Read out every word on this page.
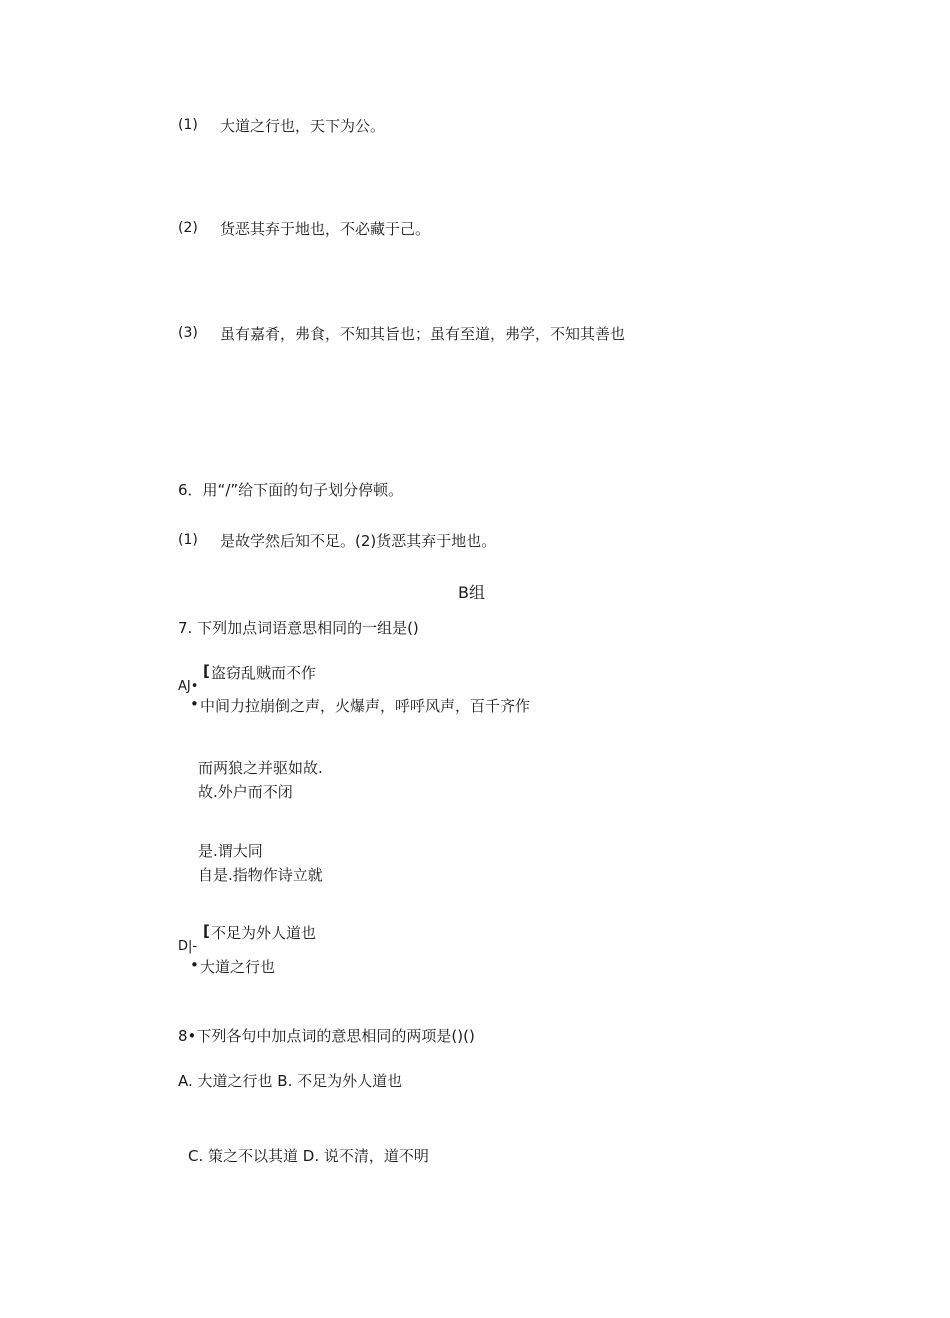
(1) 大道之行也，天下为公。
(2) 货恶其弃于地也，不必藏于己。
(3) 虽有嘉肴，弗食，不知其旨也；虽有至道，弗学，不知其善也
6．用“/”给下面的句子划分停顿。
(1) 是故学然后知不足。(2)货恶其弃于地也。
B组
7. 下列加点词语意思相同的一组是()
[ 盗窃乱贼而不作
AJ•
• 中间力拉崩倒之声，火爆声，呼呼风声，百千齐作
而两狼之并驱如故.
故.外户而不闭
是.谓大同
自是.指物作诗立就
[ 不足为外人道也
D|-
• 大道之行也
8•下列各句中加点词的意思相同的两项是()()
A. 大道之行也 B. 不足为外人道也
C. 策之不以其道 D. 说不清，道不明
